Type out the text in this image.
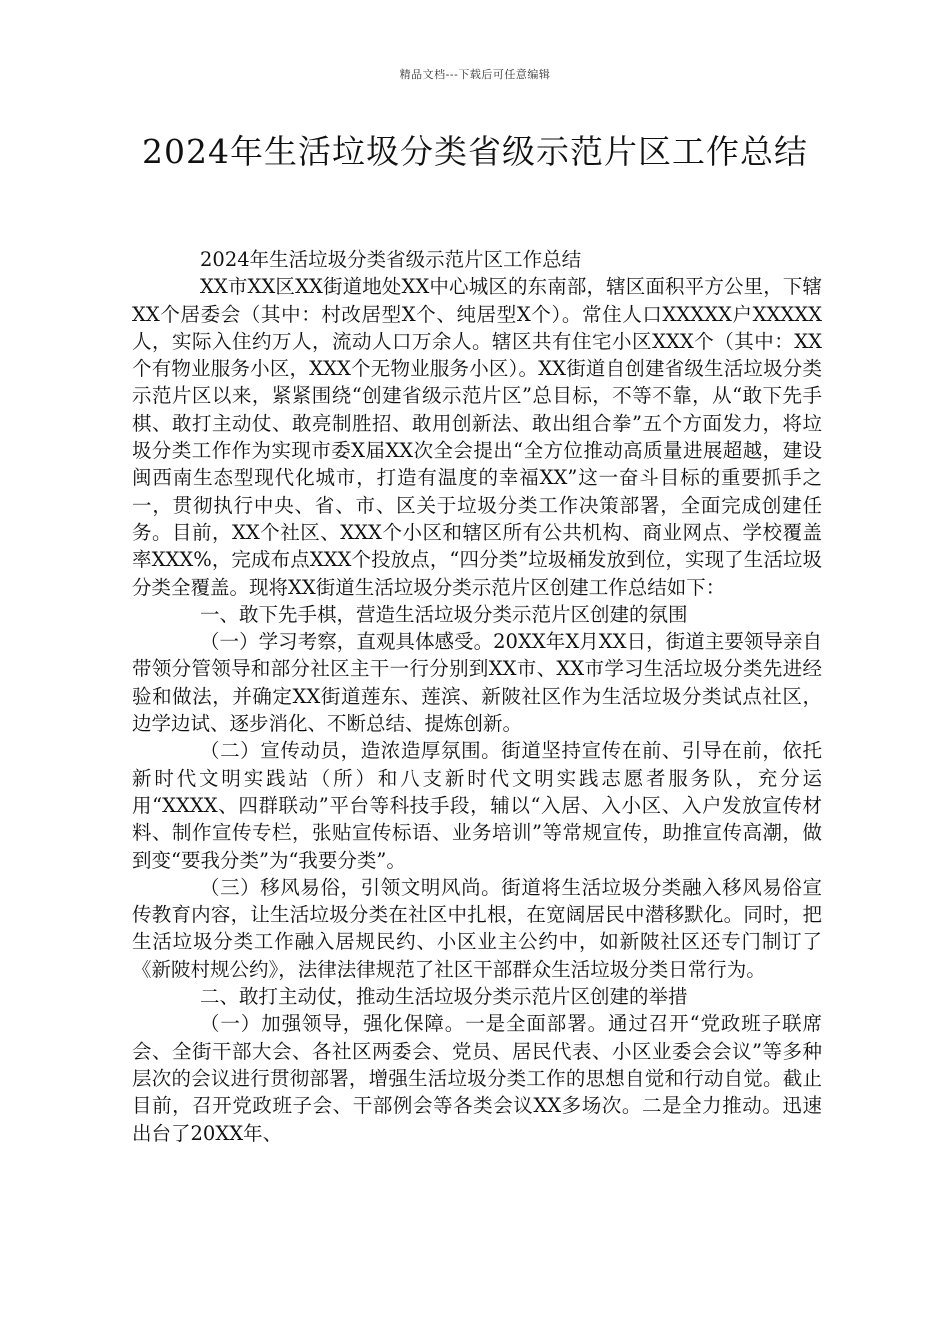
精品文档---下载后可任意编辑
2024年生活垃圾分类省级示范片区工作总结

2024年生活垃圾分类省级示范片区工作总结

XX市XX区XX街道地处XX中心城区的东南部，辖区面积平方公里，下辖XX个居委会（其中：村改居型X个、纯居型X个）。常住人口XXXXX户XXXXX人，实际入住约万人，流动人口万余人。辖区共有住宅小区XXX个（其中：XX个有物业服务小区，XXX个无物业服务小区）。XX街道自创建省级生活垃圾分类示范片区以来，紧紧围绕“创建省级示范片区”总目标，不等不靠，从“敢下先手棋、敢打主动仗、敢亮制胜招、敢用创新法、敢出组合拳”五个方面发力，将垃圾分类工作作为实现市委X届XX次全会提出“全方位推动高质量进展超越，建设闽西南生态型现代化城市，打造有温度的幸福XX”这一奋斗目标的重要抓手之一，贯彻执行中央、省、市、区关于垃圾分类工作决策部署，全面完成创建任务。目前，XX个社区、XXX个小区和辖区所有公共机构、商业网点、学校覆盖率XXX%，完成布点XXX个投放点，“四分类”垃圾桶发放到位，实现了生活垃圾分类全覆盖。现将XX街道生活垃圾分类示范片区创建工作总结如下：

一、敢下先手棋，营造生活垃圾分类示范片区创建的氛围

（一）学习考察，直观具体感受。20XX年X月XX日，街道主要领导亲自带领分管领导和部分社区主干一行分别到XX市、XX市学习生活垃圾分类先进经验和做法，并确定XX街道莲东、莲滨、新陂社区作为生活垃圾分类试点社区，边学边试、逐步消化、不断总结、提炼创新。

（二）宣传动员，造浓造厚氛围。街道坚持宣传在前、引导在前，依托新时代文明实践站（所）和八支新时代文明实践志愿者服务队，充分运用“XXXX、四群联动”平台等科技手段，辅以“入居、入小区、入户发放宣传材料、制作宣传专栏，张贴宣传标语、业务培训”等常规宣传，助推宣传高潮，做到变“要我分类”为“我要分类”。

（三）移风易俗，引领文明风尚。街道将生活垃圾分类融入移风易俗宣传教育内容，让生活垃圾分类在社区中扎根，在宽阔居民中潜移默化。同时，把生活垃圾分类工作融入居规民约、小区业主公约中，如新陂社区还专门制订了《新陂村规公约》，法律法律规范了社区干部群众生活垃圾分类日常行为。

二、敢打主动仗，推动生活垃圾分类示范片区创建的举措

（一）加强领导，强化保障。一是全面部署。通过召开“党政班子联席会、全街干部大会、各社区两委会、党员、居民代表、小区业委会会议”等多种层次的会议进行贯彻部署，增强生活垃圾分类工作的思想自觉和行动自觉。截止目前，召开党政班子会、干部例会等各类会议XX多场次。二是全力推动。迅速出台了20XX年、
